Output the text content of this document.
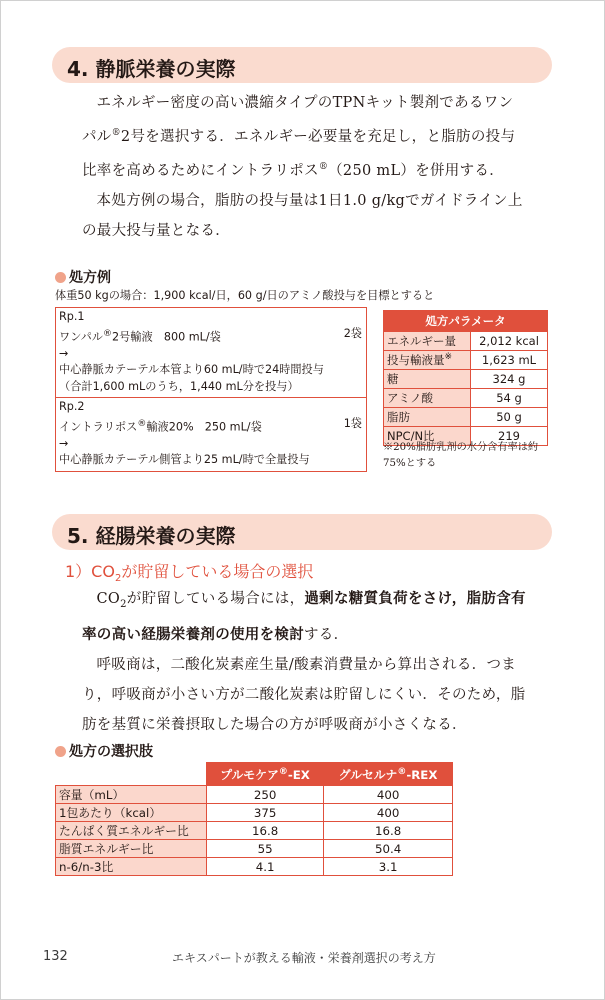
4. 静脈栄養の実際

エネルギー密度の高い濃縮タイプのTPNキット製剤であるワンパル®2号を選択する．エネルギー必要量を充足し，と脂肪の投与比率を高めるためにイントラリポス®（250 mL）を併用する．

本処方例の場合，脂肪の投与量は1日1.0 g/kgでガイドライン上の最大投与量となる．

処方例
体重50 kgの場合：1,900 kcal/日，60 g/日のアミノ酸投与を目標とすると
Rp.1
ワンパル®2号輸液　800 mL/袋	2袋
→
中心静脈カテーテル本管より60 mL/時で24時間投与
（合計1,600 mLのうち，1,440 mL分を投与）
Rp.2
イントラリポス®輸液20%　250 mL/袋	1袋
→
中心静脈カテーテル側管より25 mL/時で全量投与
処方パラメータ	
エネルギー量	2,012 kcal
投与輸液量※	1,623 mL
糖	324 g
アミノ酸	54 g
脂肪	50 g
NPC/N比	219
※20%脂肪乳剤の水分含有率は約75%とする
5. 経腸栄養の実際
$1)CO_2$が貯留している場合の選択

$CO_2$が貯留している場合には，過剰な糖質負荷をさけ，脂肪含有率の高い経腸栄養剤の使用を検討する．

呼吸商は，二酸化炭素産生量/酸素消費量から算出される．つまり，呼吸商が小さい方が二酸化炭素は貯留しにくい．そのため，脂肪を基質に栄養摂取した場合の方が呼吸商が小さくなる．

処方の選択肢
	プルモケア®-EX	グルセルナ®-REX
容量（mL）	250	400
1包あたり（kcal）	375	400
たんぱく質エネルギー比	16.8	16.8
脂質エネルギー比	55	50.4
n-6/n-3比	4.1	3.1
132	エキスパートが教える輸液・栄養剤選択の考え方
